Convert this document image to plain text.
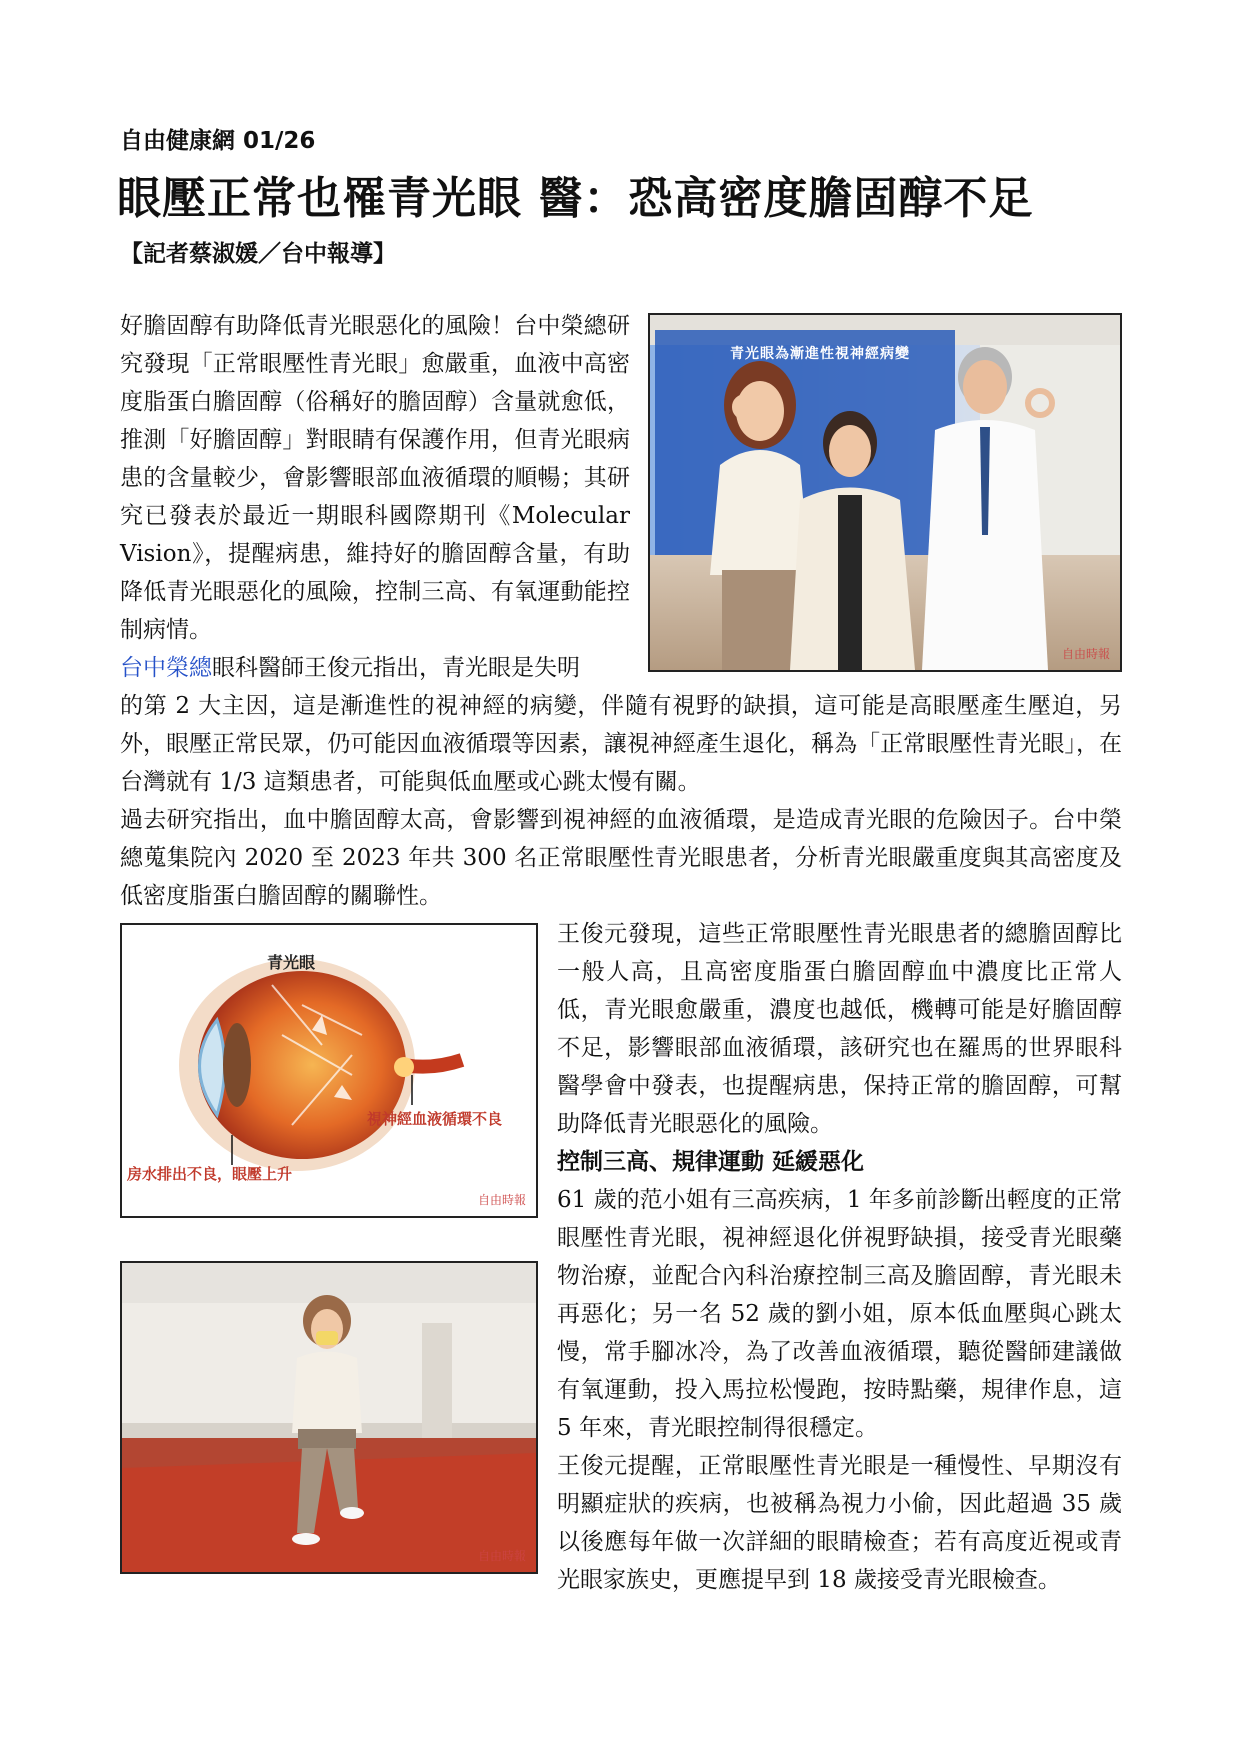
自由健康網 01/26
眼壓正常也罹青光眼 醫：恐高密度膽固醇不足
【記者蔡淑媛／台中報導】

好膽固醇有助降低青光眼惡化的風險！台中榮總研究發現「正常眼壓性青光眼」愈嚴重，血液中高密度脂蛋白膽固醇（俗稱好的膽固醇）含量就愈低，推測「好膽固醇」對眼睛有保護作用，但青光眼病患的含量較少，會影響眼部血液循環的順暢；其研究已發表於最近一期眼科國際期刊《Molecular Vision》，提醒病患，維持好的膽固醇含量，有助降低青光眼惡化的風險，控制三高、有氧運動能控制病情。

台中榮總眼科醫師王俊元指出，青光眼是失明
青光眼為漸進性視神經病變
自由時報

的第 2 大主因，這是漸進性的視神經的病變，伴隨有視野的缺損，這可能是高眼壓產生壓迫，另外，眼壓正常民眾，仍可能因血液循環等因素，讓視神經產生退化，稱為「正常眼壓性青光眼」，在台灣就有 1/3 這類患者，可能與低血壓或心跳太慢有關。

過去研究指出，血中膽固醇太高，會影響到視神經的血液循環，是造成青光眼的危險因子。台中榮總蒐集院內 2020 至 2023 年共 300 名正常眼壓性青光眼患者，分析青光眼嚴重度與其高密度及低密度脂蛋白膽固醇的關聯性。

青光眼
視神經血液循環不良
房水排出不良，眼壓上升
自由時報

王俊元發現，這些正常眼壓性青光眼患者的總膽固醇比一般人高，且高密度脂蛋白膽固醇血中濃度比正常人低，青光眼愈嚴重，濃度也越低，機轉可能是好膽固醇不足，影響眼部血液循環，該研究也在羅馬的世界眼科醫學會中發表，也提醒病患，保持正常的膽固醇，可幫助降低青光眼惡化的風險。

控制三高、規律運動 延緩惡化

61 歲的范小姐有三高疾病，1 年多前診斷出輕度的正常眼壓性青光眼，視神經退化併視野缺損，接受青光眼藥物治療，並配合內科治療控制三高及膽固醇，青光眼未再惡化；另一名 52 歲的劉小姐，原本低血壓與心跳太慢，常手腳冰冷，為了改善血液循環，聽從醫師建議做有氧運動，投入馬拉松慢跑，按時點藥，規律作息，這 5 年來，青光眼控制得很穩定。

王俊元提醒，正常眼壓性青光眼是一種慢性、早期沒有明顯症狀的疾病，也被稱為視力小偷，因此超過 35 歲以後應每年做一次詳細的眼睛檢查；若有高度近視或青光眼家族史，更應提早到 18 歲接受青光眼檢查。

自由時報
